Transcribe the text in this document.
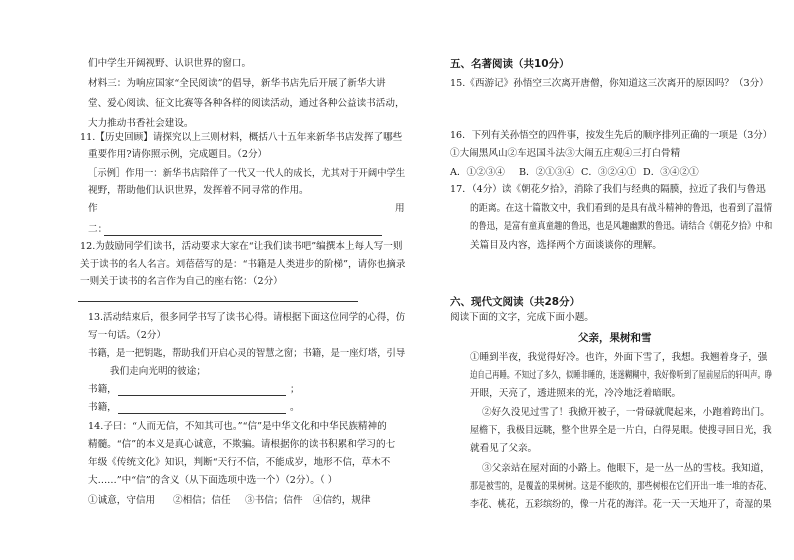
们中学生开阔视野、认识世界的窗口。
材料三：为响应国家“全民阅读”的倡导，新华书店先后开展了新华大讲
堂、爱心阅读、征文比赛等各种各样的阅读活动，通过各种公益读书活动，
大力推动书香社会建设。
11.【历史回顾】请探究以上三则材料，概括八十五年来新华书店发挥了哪些
重要作用?请你照示例，完成题目。（2分）
［示例］作用一：新华书店陪伴了一代又一代人的成长，尤其对于开阔中学生
视野，帮助他们认识世界，发挥着不同寻常的作用。
作	用
二：
12.为鼓励同学们读书，活动要求大家在“让我们读书吧”编撰本上每人写一则
关于读书的名人名言。刘蓓蓓写的是：“书籍是人类进步的阶梯”，请你也摘录
一则关于读书的名言作为自己的座右铭：（2分）
13.活动结束后，很多同学书写了读书心得。请根据下面这位同学的心得，仿
写一句话。（2分）
书籍，是一把钥匙，帮助我们开启心灵的智慧之窗；书籍，是一座灯塔，引导
我们走向光明的彼途；
书籍，	；
书籍，	。
14.子曰：“人而无信，不知其可也。”“信”是中华文化和中华民族精神的
精髓。“信”的本义是真心诚意，不欺骗。请根据你的读书积累和学习的七
年级《传统文化》知识，判断“天行不信，不能成岁，地形不信，草木不
大……”中“信”的含义（从下面选项中选一个）（2分）。（ ）
①诚意，守信用 ②相信；信任 ③书信；信件 ④信约，规律
五、名著阅读（共10分）
15.《西游记》孙悟空三次离开唐僧，你知道这三次离开的原因吗？（3分）
16．下列有关孙悟空的四件事，按发生先后的顺序排列正确的一项是（3分）
①大闹黑风山②车迟国斗法③大闹五庄观④三打白骨精
A．①②③④ B．②①③④ C．③②④① D．③④②①
17．（4分）读《朝花夕拾》，消除了我们与经典的隔膜，拉近了我们与鲁迅
的距离。在这十篇散文中，我们看到的是具有战斗精神的鲁迅，也看到了温情
的鲁迅，是富有童真童趣的鲁迅，也是风趣幽默的鲁迅。请结合《朝花夕拾》中和
关篇目及内容，选择两个方面谈谈你的理解。
六、现代文阅读（共28分）
阅读下面的文字，完成下面小题。
父亲，果树和雪
①睡到半夜，我觉得好冷。也许，外面下雪了，我想。我翘着身子，强
迫自己再睡。不知过了多久，似睡非睡的，迷迷糊糊中，我好像听到了屋前屋后的轩叫声。睁
开眼，天亮了，透进照来的光，冷冷地泛着暗眠。
②好久没见过雪了！我掀开被子，一骨碌就爬起来，小跑着跨出门。
屋檐下，我极目远眺，整个世界全是一片白，白得晃眼。使搜寻回日光，我
就看见了父亲。
③父亲站在屋对面的小路上。他眼下，是一丛一丛的雪枝。我知道，
那是被雪的，是覆盖的果树树。这是不能吹的，那些树根在它们开出一堆一堆的杏花、
李花、桃花，五彩缤纷的，像一片花的海洋。花一天一天地开了，奇湿的果
